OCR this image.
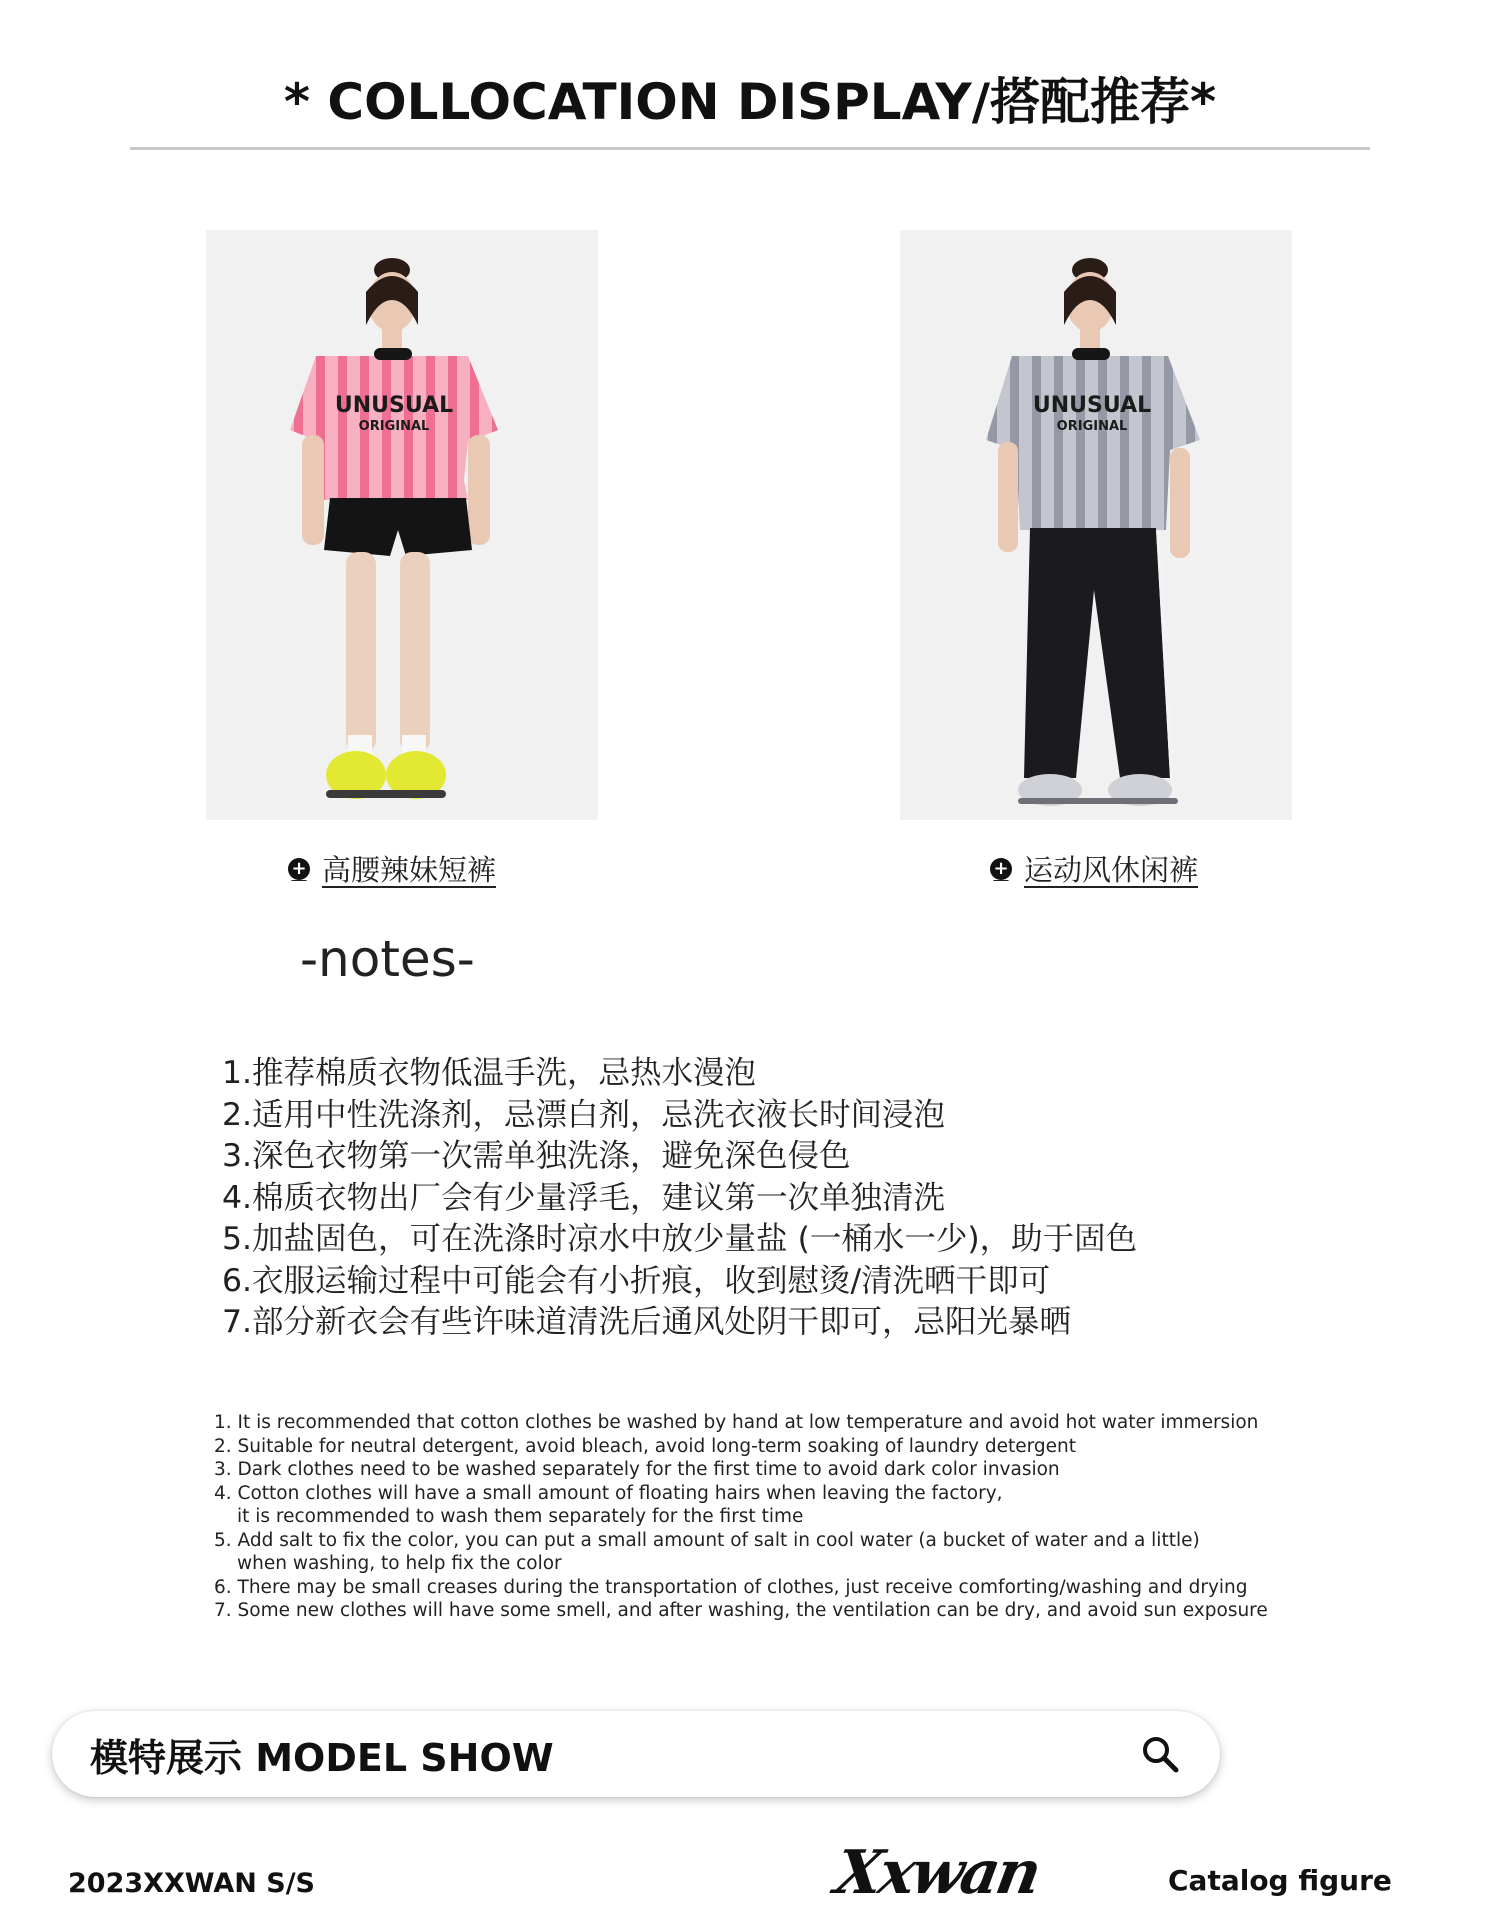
* COLLOCATION DISPLAY/搭配推荐*
UNUSUAL
ORIGINAL
+ 高腰辣妹短裤
UNUSUAL
ORIGINAL
+ 运动风休闲裤
-notes-
1.推荐棉质衣物低温手洗，忌热水漫泡
2.适用中性洗涤剂，忌漂白剂，忌洗衣液长时间浸泡
3.深色衣物第一次需单独洗涤，避免深色侵色
4.棉质衣物出厂会有少量浮毛，建议第一次单独清洗
5.加盐固色，可在洗涤时凉水中放少量盐 (一桶水一少)，助于固色
6.衣服运输过程中可能会有小折痕，收到慰烫/清洗晒干即可
7.部分新衣会有些许味道清洗后通风处阴干即可，忌阳光暴晒
1. It is recommended that cotton clothes be washed by hand at low temperature and avoid hot water immersion
2. Suitable for neutral detergent, avoid bleach, avoid long-term soaking of laundry detergent
3. Dark clothes need to be washed separately for the first time to avoid dark color invasion
4. Cotton clothes will have a small amount of floating hairs when leaving the factory,
it is recommended to wash them separately for the first time
5. Add salt to fix the color, you can put a small amount of salt in cool water (a bucket of water and a little)
when washing, to help fix the color
6. There may be small creases during the transportation of clothes, just receive comforting/washing and drying
7. Some new clothes will have some smell, and after washing, the ventilation can be dry, and avoid sun exposure
模特展示 MODEL SHOW
2023XXWAN S/S	Xxwan	Catalog figure
